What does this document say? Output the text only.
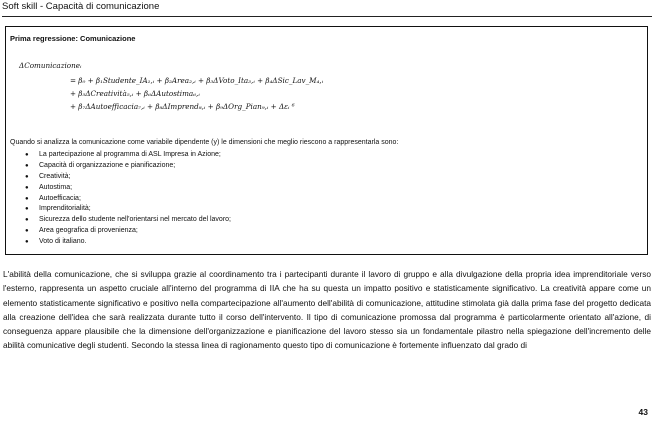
Soft skill - Capacità di comunicazione
Prima regressione: Comunicazione
ΔComunicazioneᵢ
= β₀ + β₁Studente_IA₁,ᵢ + β₂Area₂,ᵢ + β₃ΔVoto_Ita₃,ᵢ + β₄ΔSic_Lav_M₄,ᵢ
+ β₅ΔCreatività₅,ᵢ + β₆ΔAutostima₆,ᵢ
+ β₇ΔAutoefficacia₇,ᵢ + β₈ΔImprend₈,ᵢ + β₉ΔOrg_Pian₉,ᵢ + Δεᵢ ⁶
Quando si analizza la comunicazione come variabile dipendente (y) le dimensioni che meglio riescono a rappresentarla sono:
● La partecipazione al programma di ASL Impresa in Azione;
● Capacità di organizzazione e pianificazione;
● Creatività;
● Autostima;
● Autoefficacia;
● Imprenditorialità;
● Sicurezza dello studente nell'orientarsi nel mercato del lavoro;
● Area geografica di provenienza;
● Voto di italiano.

L'abilità della comunicazione, che si sviluppa grazie al coordinamento tra i partecipanti durante il lavoro di gruppo e alla divulgazione della propria idea imprenditoriale verso l'esterno, rappresenta un aspetto cruciale all'interno del programma di IIA che ha su questa un impatto positivo e statisticamente significativo. La creatività appare come un elemento statisticamente significativo e positivo nella compartecipazione all'aumento dell'abilità di comunicazione, attitudine stimolata già dalla prima fase del progetto dedicata alla creazione dell'idea che sarà realizzata durante tutto il corso dell'intervento. Il tipo di comunicazione promossa dal programma è particolarmente orientato all'azione, di conseguenza appare plausibile che la dimensione dell'organizzazione e pianificazione del lavoro stesso sia un fondamentale pilastro nella spiegazione dell'incremento delle abilità comunicative degli studenti. Secondo la stessa linea di ragionamento questo tipo di comunicazione è fortemente influenzato dal grado di

43
